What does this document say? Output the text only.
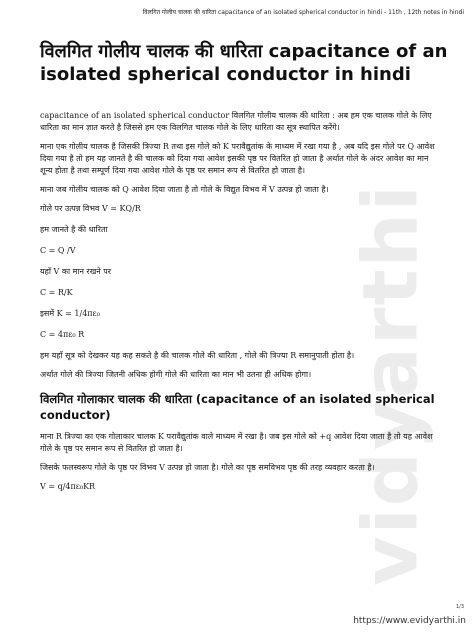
विलगित गोलीय चालक की धारिता capacitance of an isolated spherical conductor in hindi - 11th , 12th notes in hindi
vidyarthi
विलगित गोलीय चालक की धारिता capacitance of an isolated spherical conductor in hindi

capacitance of an isolated spherical conductor विलगित गोलीय चालक की धारिता : अब हम एक चालक गोले के लिए धारिता का मान ज्ञात करते है जिससे हम एक विलगित चालक गोले के लिए धारिता का सूत्र स्थापित करेंगे।

माना एक गोलीय चालक है जिसकी त्रिज्या R तथा इस गोले को K परावैद्युतांक के माध्यम में रखा गया है , अब यदि इस गोले पर Q आवेश दिया गया है तो हम यह जानते है की चालक को दिया गया आवेश इसकी पृष्ठ पर वितरित हो जाता है अर्थात गोले के अंदर आवेश का मान शून्य होता है तथा सम्पूर्ण दिया गया आवेश गोले के पृष्ठ पर समान रूप से वितरित हो जाता है।

माना जब गोलीय चालक को Q आवेश दिया जाता है तो गोले के विद्युत विभव में V उत्पन्न हो जाता है।

गोले पर उत्पन्न विभव V = KQ/R

हम जानते है की धारिता

C = Q /V

यहाँ V का मान रखने पर

C = R/K

इसमें K = 1/4πε₀

C = 4πε₀ R

हम यहाँ सूत्र को देखकर यह कह सकते है की चालक गोले की धारिता , गोले की त्रिज्या R समानुपाती होता है।

अर्थात गोले की त्रिज्या जितनी अधिक होगी गोले की धारिता का मान भी उतना ही अधिक होगा।

विलगित गोलाकार चालक की धारिता (capacitance of an isolated spherical conductor)

माना R त्रिज्या का एक गोलाकार चालक K परावैद्युतांक वाले माध्यम में रखा है। जब इस गोले को +q आवेश दिया जाता है तो यह आवेश गोले के पृष्ठ पर समान रूप से वितरित हो जाता है।

जिसके फलस्वरूप गोले के पृष्ठ पर विभव V उत्पन्न हो जाता है। गोले का पृष्ठ समविभव पृष्ठ की तरह व्यवहार करता है।

V = q/4πε₀KR

1/3
https://www.evidyarthi.in
